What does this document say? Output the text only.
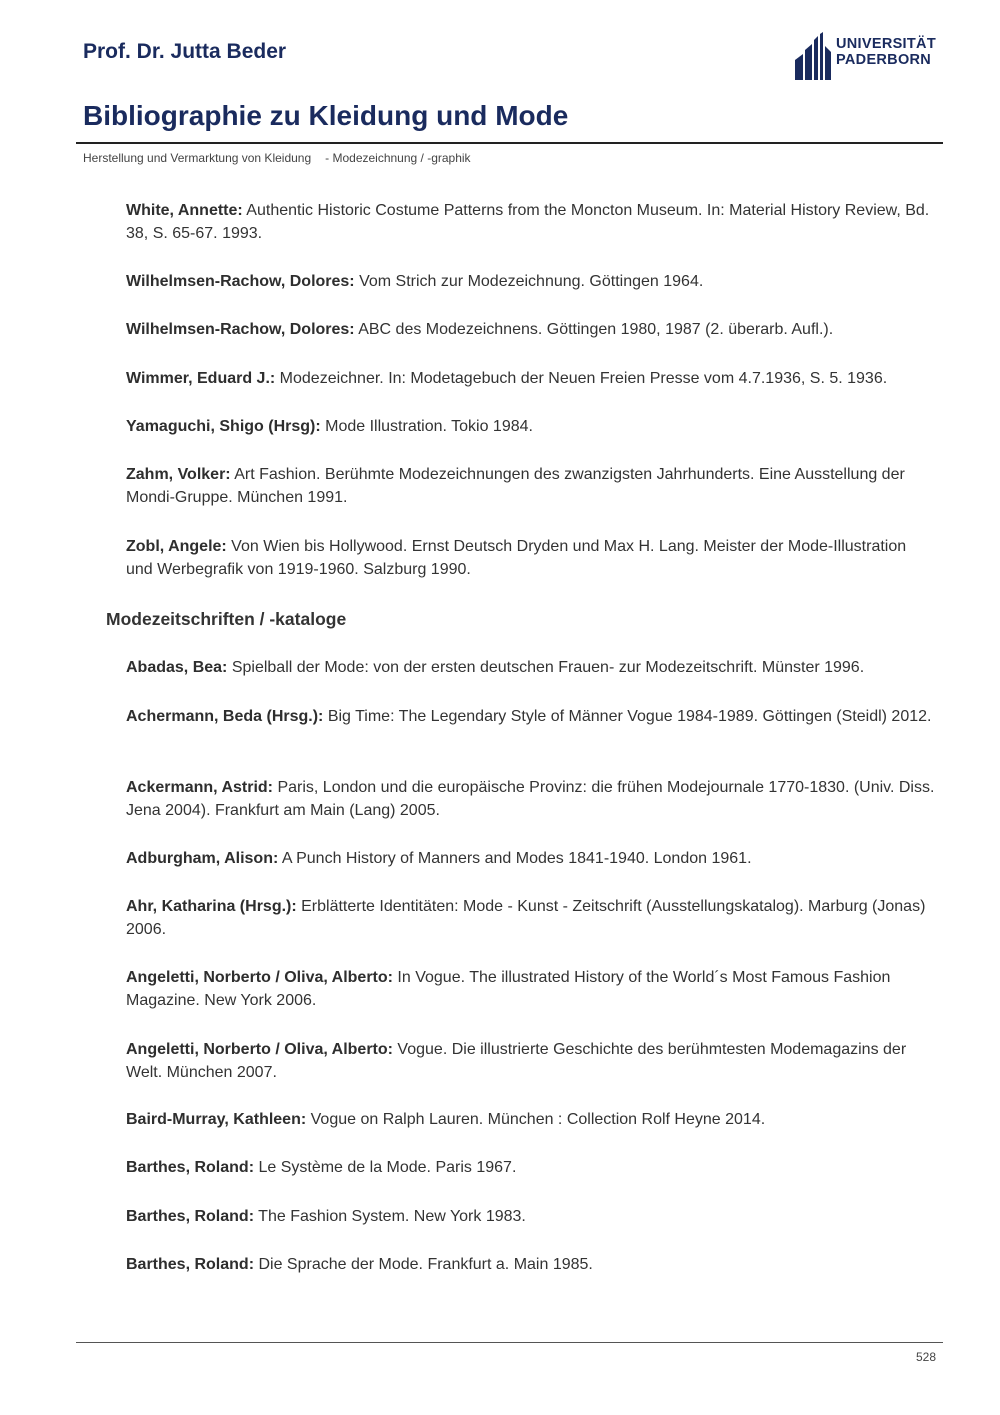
Prof. Dr. Jutta Beder	UNIVERSITÄT
PADERBORN
Bibliographie zu Kleidung und Mode
Herstellung und Vermarktung von Kleidung - Modezeichnung / -graphik
White, Annette: Authentic Historic Costume Patterns from the Moncton Museum. In: Material History Review, Bd. 38, S. 65-67. 1993.
Wilhelmsen-Rachow, Dolores: Vom Strich zur Modezeichnung. Göttingen 1964.
Wilhelmsen-Rachow, Dolores: ABC des Modezeichnens. Göttingen 1980, 1987 (2. überarb. Aufl.).
Wimmer, Eduard J.: Modezeichner. In: Modetagebuch der Neuen Freien Presse vom 4.7.1936, S. 5. 1936.
Yamaguchi, Shigo (Hrsg): Mode Illustration. Tokio 1984.
Zahm, Volker: Art Fashion. Berühmte Modezeichnungen des zwanzigsten Jahrhunderts. Eine Ausstellung der Mondi-Gruppe. München 1991.
Zobl, Angele: Von Wien bis Hollywood. Ernst Deutsch Dryden und Max H. Lang. Meister der Mode-Illustration und Werbegrafik von 1919-1960. Salzburg 1990.
Modezeitschriften / -kataloge
Abadas, Bea: Spielball der Mode: von der ersten deutschen Frauen- zur Modezeitschrift. Münster 1996.
Achermann, Beda (Hrsg.): Big Time: The Legendary Style of Männer Vogue 1984-1989. Göttingen (Steidl) 2012.
Ackermann, Astrid: Paris, London und die europäische Provinz: die frühen Modejournale 1770-1830. (Univ. Diss. Jena 2004). Frankfurt am Main (Lang) 2005.
Adburgham, Alison: A Punch History of Manners and Modes 1841-1940. London 1961.
Ahr, Katharina (Hrsg.): Erblätterte Identitäten: Mode - Kunst - Zeitschrift (Ausstellungskatalog). Marburg (Jonas) 2006.
Angeletti, Norberto / Oliva, Alberto: In Vogue. The illustrated History of the World´s Most Famous Fashion Magazine. New York 2006.
Angeletti, Norberto / Oliva, Alberto: Vogue. Die illustrierte Geschichte des berühmtesten Modemagazins der Welt. München 2007.
Baird-Murray, Kathleen: Vogue on Ralph Lauren. München : Collection Rolf Heyne 2014.
Barthes, Roland: Le Système de la Mode. Paris 1967.
Barthes, Roland: The Fashion System. New York 1983.
Barthes, Roland: Die Sprache der Mode. Frankfurt a. Main 1985.
528
